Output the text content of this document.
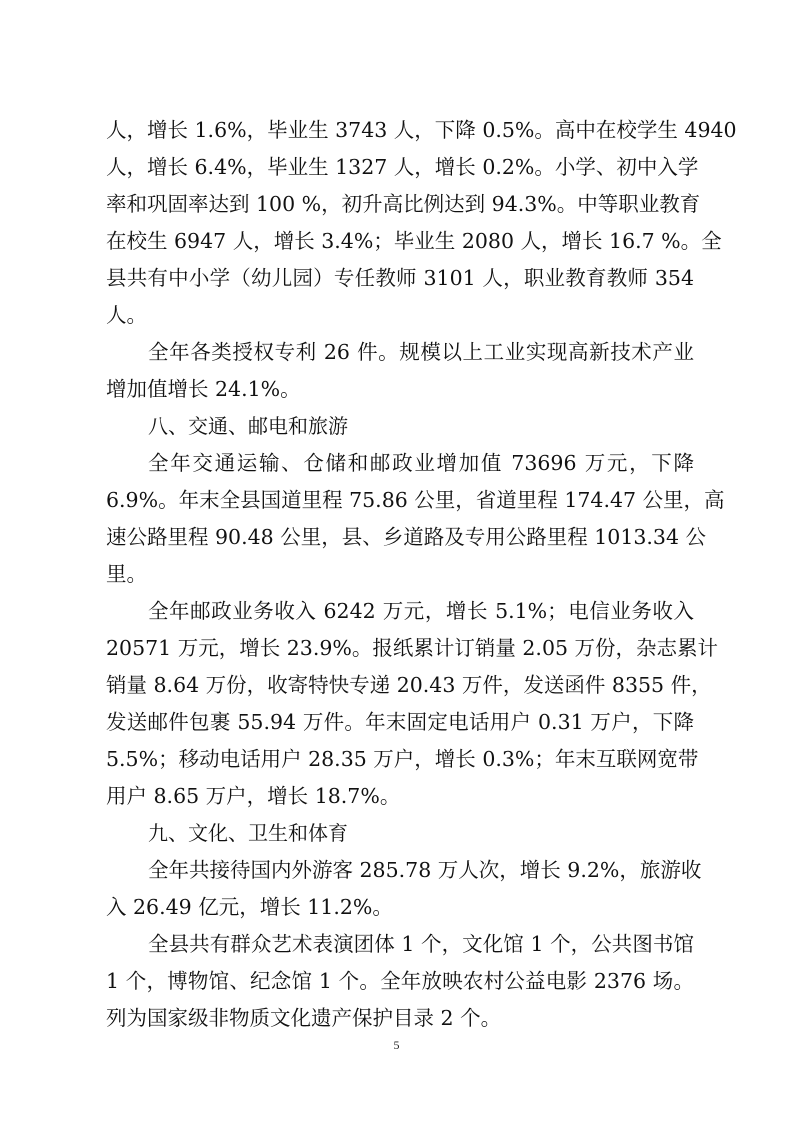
人，增长 1.6%，毕业生 3743 人，下降 0.5%。高中在校学生 4940
人，增长 6.4%，毕业生 1327 人，增长 0.2%。小学、初中入学
率和巩固率达到 100 %，初升高比例达到 94.3%。中等职业教育
在校生 6947 人，增长 3.4%；毕业生 2080 人，增长 16.7 %。全
县共有中小学（幼儿园）专任教师 3101 人，职业教育教师 354
人。
全年各类授权专利 26 件。规模以上工业实现高新技术产业
增加值增长 24.1%。
八、交通、邮电和旅游
全年交通运输、仓储和邮政业增加值 73696 万元，下降
6.9%。年末全县国道里程 75.86 公里，省道里程 174.47 公里，高
速公路里程 90.48 公里，县、乡道路及专用公路里程 1013.34 公
里。
全年邮政业务收入 6242 万元，增长 5.1%；电信业务收入
20571 万元，增长 23.9%。报纸累计订销量 2.05 万份，杂志累计
销量 8.64 万份，收寄特快专递 20.43 万件，发送函件 8355 件，
发送邮件包裹 55.94 万件。年末固定电话用户 0.31 万户，下降
5.5%；移动电话用户 28.35 万户，增长 0.3%；年末互联网宽带
用户 8.65 万户，增长 18.7%。
九、文化、卫生和体育
全年共接待国内外游客 285.78 万人次，增长 9.2%，旅游收
入 26.49 亿元，增长 11.2%。
全县共有群众艺术表演团体 1 个，文化馆 1 个，公共图书馆
1 个，博物馆、纪念馆 1 个。全年放映农村公益电影 2376 场。
列为国家级非物质文化遗产保护目录 2 个。
5
